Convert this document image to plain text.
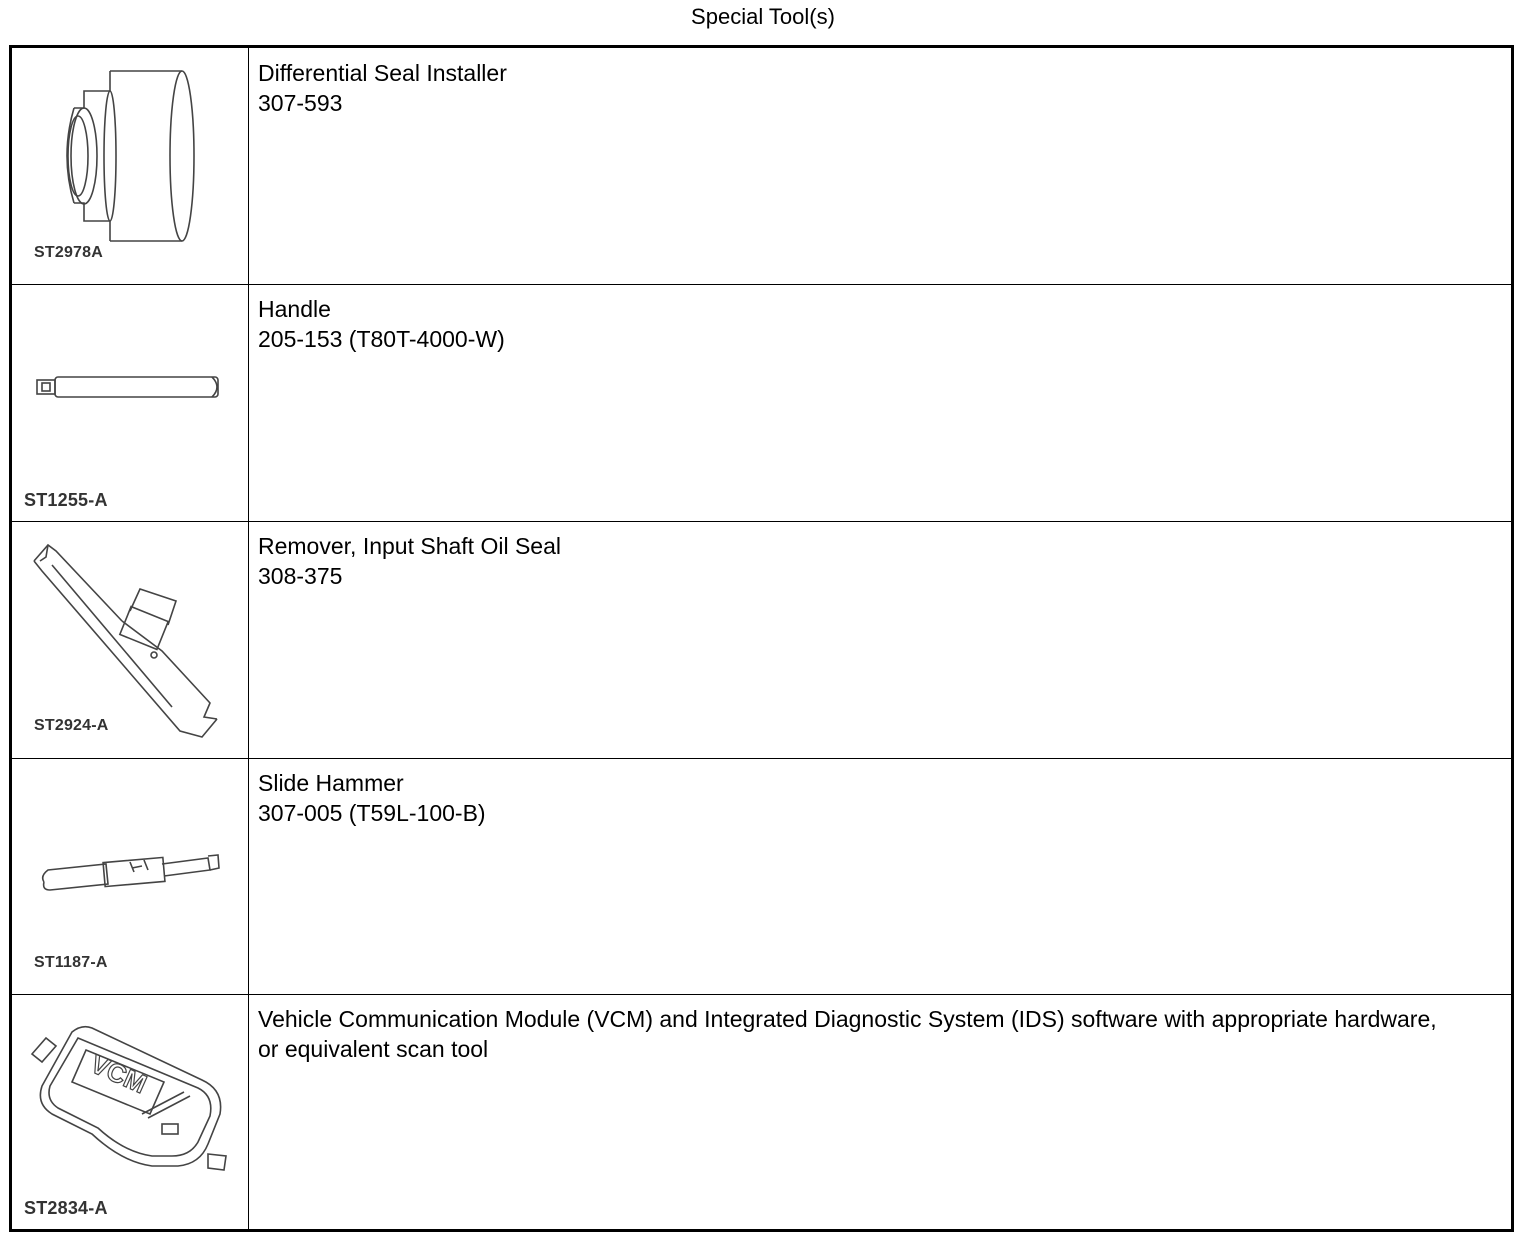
Special Tool(s)
ST2978A
Differential Seal Installer
307-593
ST1255-A
Handle
205-153 (T80T-4000-W)
ST2924-A
Remover, Input Shaft Oil Seal
308-375
ST1187-A
Slide Hammer
307-005 (T59L-100-B)
VCM
ST2834-A
Vehicle Communication Module (VCM) and Integrated Diagnostic System (IDS) software with appropriate hardware, or equivalent scan tool
